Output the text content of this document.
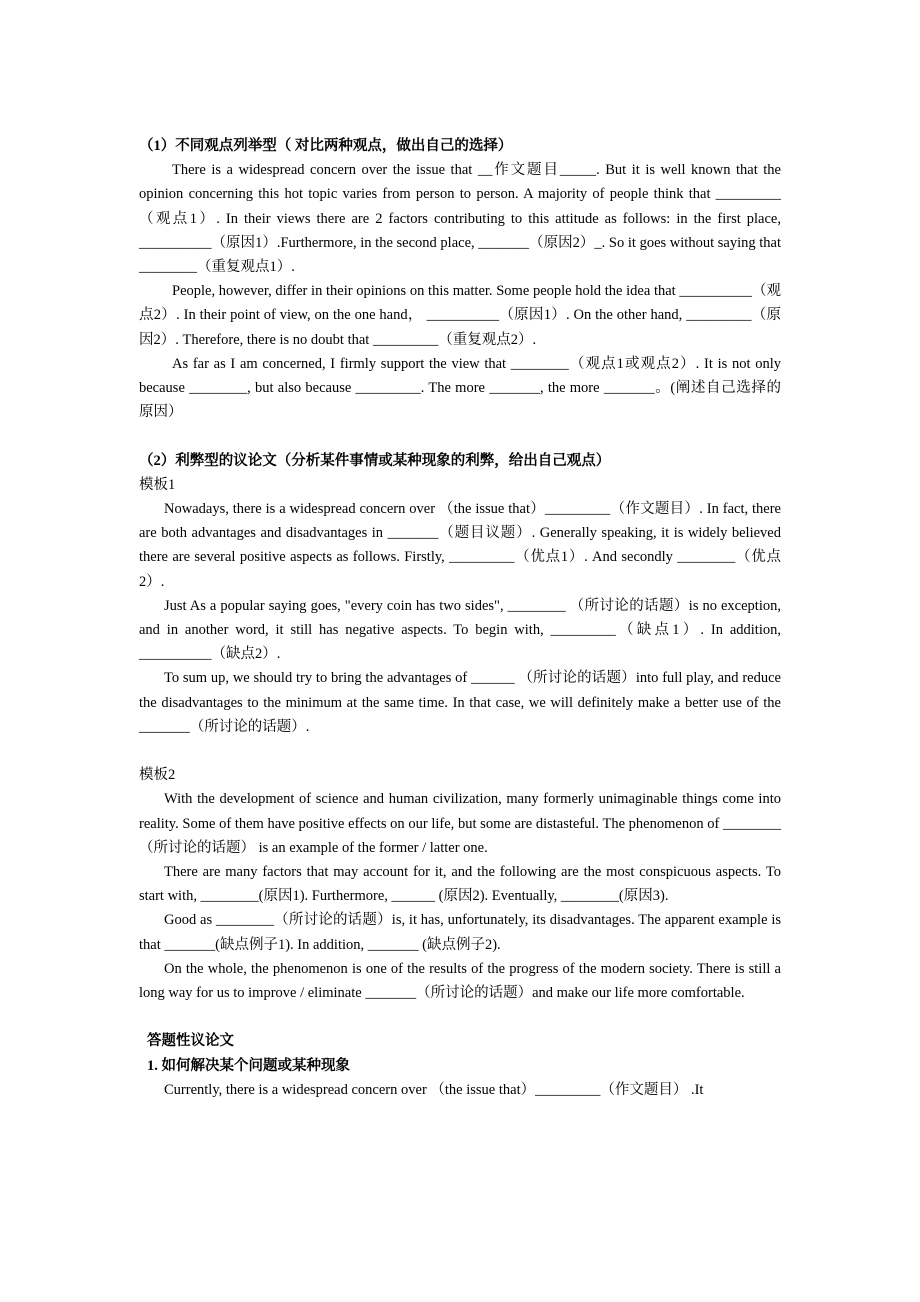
（1）不同观点列举型（ 对比两种观点，做出自己的选择）

There is a widespread concern over the issue that __作文题目_____. But it is well known that the opinion concerning this hot topic varies from person to person. A majority of people think that _________（观点1）. In their views there are 2 factors contributing to this attitude as follows: in the first place, __________（原因1）.Furthermore, in the second place, _______（原因2）_. So it goes without saying that ________（重复观点1）.

People, however, differ in their opinions on this matter. Some people hold the idea that __________（观点2）. In their point of view, on the one hand， __________（原因1）. On the other hand, _________（原因2）. Therefore, there is no doubt that _________（重复观点2）.

As far as I am concerned, I firmly support the view that ________（观点1或观点2）. It is not only because ________, but also because _________. The more _______, the more _______。(阐述自己选择的原因）

（2）利弊型的议论文（分析某件事情或某种现象的利弊，给出自己观点）
模板1

Nowadays, there is a widespread concern over （the issue that）_________（作文题目）. In fact, there are both advantages and disadvantages in _______（题目议题）. Generally speaking, it is widely believed there are several positive aspects as follows. Firstly, _________（优点1）. And secondly ________（优点2）.

Just As a popular saying goes, "every coin has two sides", ________ （所讨论的话题）is no exception, and in another word, it still has negative aspects. To begin with, _________（缺点1）. In addition, __________（缺点2）.

To sum up, we should try to bring the advantages of ______ （所讨论的话题）into full play, and reduce the disadvantages to the minimum at the same time. In that case, we will definitely make a better use of the _______（所讨论的话题）.

模板2

With the development of science and human civilization, many formerly unimaginable things come into reality. Some of them have positive effects on our life, but some are distasteful. The phenomenon of ________ （所讨论的话题） is an example of the former / latter one.

There are many factors that may account for it, and the following are the most conspicuous aspects. To start with, ________(原因1). Furthermore, ______ (原因2). Eventually, ________(原因3).

Good as ________（所讨论的话题）is, it has, unfortunately, its disadvantages. The apparent example is that _______(缺点例子1). In addition, _______ (缺点例子2).

On the whole, the phenomenon is one of the results of the progress of the modern society. There is still a long way for us to improve / eliminate _______（所讨论的话题）and make our life more comfortable.

答题性议论文
1. 如何解决某个问题或某种现象

Currently, there is a widespread concern over （the issue that）_________（作文题目） .It
